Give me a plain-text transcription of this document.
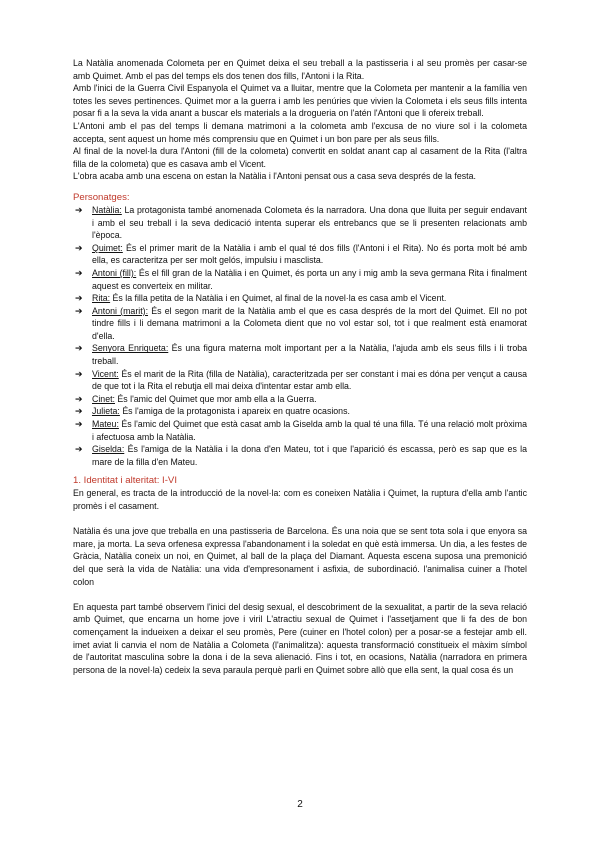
La Natàlia anomenada Colometa per en Quimet deixa el seu treball a la pastisseria i al seu promès per casar-se amb Quimet. Amb el pas del temps els dos tenen dos fills, l'Antoni i la Rita.

Amb l'inici de la Guerra Civil Espanyola el Quimet va a lluitar, mentre que la Colometa per mantenir a la família ven totes les seves pertinences. Quimet mor a la guerra i amb les penúries que vivien la Colometa i els seus fills intenta posar fi a la seva la vida anant a buscar els materials a la drogueria on l'atén l'Antoni que li ofereix treball.

L'Antoni amb el pas del temps li demana matrimoni a la colometa amb l'excusa de no viure sol i la colometa accepta, sent aquest un home més comprensiu que en Quimet i un bon pare per als seus fills.

Al final de la novel·la dura l'Antoni (fill de la colometa) convertit en soldat anant cap al casament de la Rita (l'altra filla de la colometa) que es casava amb el Vicent.

L'obra acaba amb una escena on estan la Natàlia i l'Antoni pensat ous a casa seva després de la festa.

Personatges:
➔ Natàlia: La protagonista també anomenada Colometa és la narradora. Una dona que lluita per seguir endavant i amb el seu treball i la seva dedicació intenta superar els entrebancs que se li presenten relacionats amb l'època.
➔ Quimet: És el primer marit de la Natàlia i amb el qual té dos fills (l'Antoni i el Rita). No és porta molt bé amb ella, es caracteritza per ser molt gelós, impulsiu i masclista.
➔ Antoni (fill): És el fill gran de la Natàlia i en Quimet, és porta un any i mig amb la seva germana Rita i finalment aquest es converteix en militar.
➔ Rita: És la filla petita de la Natàlia i en Quimet, al final de la novel·la es casa amb el Vicent.
➔ Antoni (marit): És el segon marit de la Natàlia amb el que es casa després de la mort del Quimet. Ell no pot tindre fills i li demana matrimoni a la Colometa dient que no vol estar sol, tot i que realment està enamorat d'ella.
➔ Senyora Enriqueta: És una figura materna molt important per a la Natàlia, l'ajuda amb els seus fills i li troba treball.
➔ Vicent: És el marit de la Rita (filla de Natàlia), caracteritzada per ser constant i mai es dóna per vençut a causa de que tot i la Rita el rebutja ell mai deixa d'intentar estar amb ella.
➔ Cinet: És l'amic del Quimet que mor amb ella a la Guerra.
➔ Julieta: És l'amiga de la protagonista i apareix en quatre ocasions.
➔ Mateu: És l'amic del Quimet que està casat amb la Giselda amb la qual té una filla. Té una relació molt pròxima i afectuosa amb la Natàlia.
➔ Giselda: És l'amiga de la Natàlia i la dona d'en Mateu, tot i que l'aparició és escassa, però es sap que es la mare de la filla d'en Mateu.
1. Identitat i alteritat: I-VI

En general, es tracta de la introducció de la novel·la: com es coneixen Natàlia i Quimet, la ruptura d'ella amb l'antic promès i el casament.

Natàlia és una jove que treballa en una pastisseria de Barcelona. És una noia que se sent tota sola i que enyora sa mare, ja morta. La seva orfenesa expressa l'abandonament i la soledat en què està immersa. Un dia, a les festes de Gràcia, Natàlia coneix un noi, en Quimet, al ball de la plaça del Diamant. Aquesta escena suposa una premonició del que serà la vida de Natàlia: una vida d'empresonament i asfixia, de subordinació. l'animalisa cuiner a l'hotel colon

En aquesta part també observem l'inici del desig sexual, el descobriment de la sexualitat, a partir de la seva relació amb Quimet, que encarna un home jove i viril L'atractiu sexual de Quimet i l'assetjament que li fa des de bon començament la indueixen a deixar el seu promès, Pere (cuiner en l'hotel colon) per a posar-se a festejar amb ell. imet aviat li canvia el nom de Natàlia a Colometa (l'animalitza): aquesta transformació constitueix el màxim símbol de l'autoritat masculina sobre la dona i de la seva alienació. Fins i tot, en ocasions, Natàlia (narradora en primera persona de la novel·la) cedeix la seva paraula perquè parli en Quimet sobre allò que ella sent, la qual cosa és un

2
